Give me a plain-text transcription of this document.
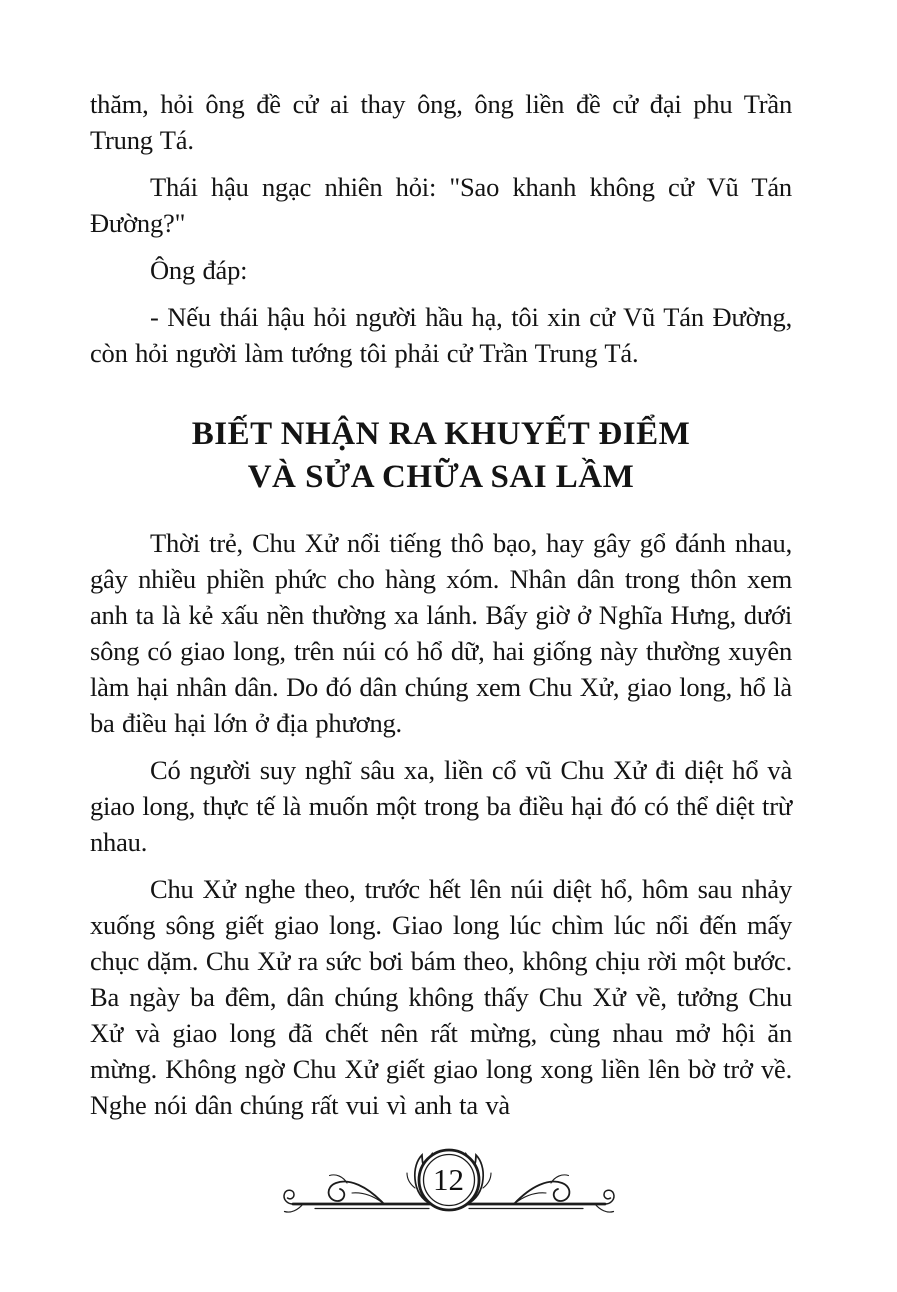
thăm, hỏi ông đề cử ai thay ông, ông liền đề cử đại phu Trần Trung Tá.

Thái hậu ngạc nhiên hỏi: "Sao khanh không cử Vũ Tán Đường?"

Ông đáp:

- Nếu thái hậu hỏi người hầu hạ, tôi xin cử Vũ Tán Đường, còn hỏi người làm tướng tôi phải cử Trần Trung Tá.

BIẾT NHẬN RA KHUYẾT ĐIỂM
VÀ SỬA CHỮA SAI LẦM

Thời trẻ, Chu Xử nổi tiếng thô bạo, hay gây gổ đánh nhau, gây nhiều phiền phức cho hàng xóm. Nhân dân trong thôn xem anh ta là kẻ xấu nền thường xa lánh. Bấy giờ ở Nghĩa Hưng, dưới sông có giao long, trên núi có hổ dữ, hai giống này thường xuyên làm hại nhân dân. Do đó dân chúng xem Chu Xử, giao long, hổ là ba điều hại lớn ở địa phương.

Có người suy nghĩ sâu xa, liền cổ vũ Chu Xử đi diệt hổ và giao long, thực tế là muốn một trong ba điều hại đó có thể diệt trừ nhau.

Chu Xử nghe theo, trước hết lên núi diệt hổ, hôm sau nhảy xuống sông giết giao long. Giao long lúc chìm lúc nổi đến mấy chục dặm. Chu Xử ra sức bơi bám theo, không chịu rời một bước. Ba ngày ba đêm, dân chúng không thấy Chu Xử về, tưởng Chu Xử và giao long đã chết nên rất mừng, cùng nhau mở hội ăn mừng. Không ngờ Chu Xử giết giao long xong liền lên bờ trở về. Nghe nói dân chúng rất vui vì anh ta và

12
